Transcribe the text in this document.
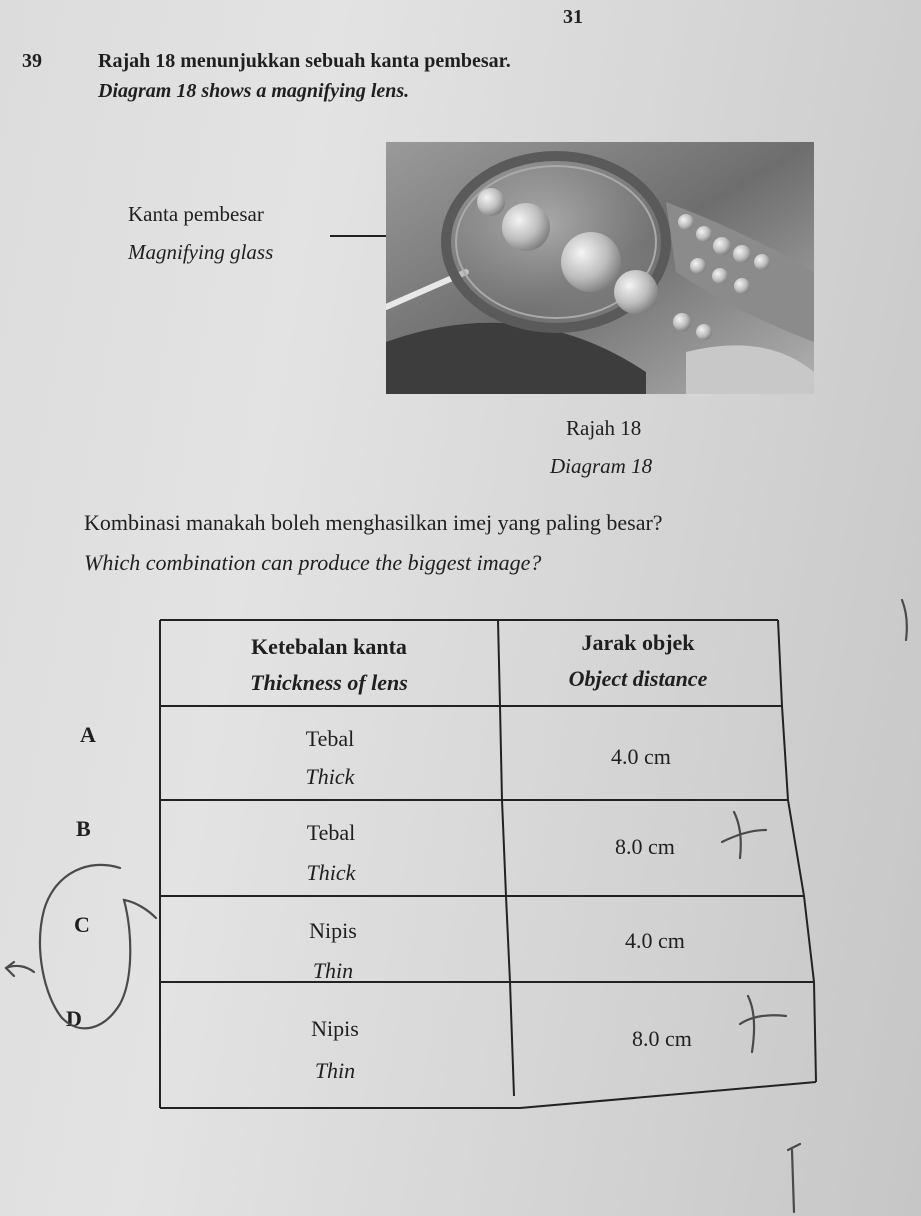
31
39	Rajah 18 menunjukkan sebuah kanta pembesar.
Diagram 18 shows a magnifying lens.
Kanta pembesar
Magnifying glass
Rajah 18
Diagram 18
Kombinasi manakah boleh menghasilkan imej yang paling besar?
Which combination can produce the biggest image?
A
B
C
D
Ketebalan kanta
Thickness of lens
Jarak objek
Object distance
Tebal
Thick
4.0 cm
Tebal
Thick
8.0 cm
Nipis
Thin
4.0 cm
Nipis
Thin
8.0 cm
